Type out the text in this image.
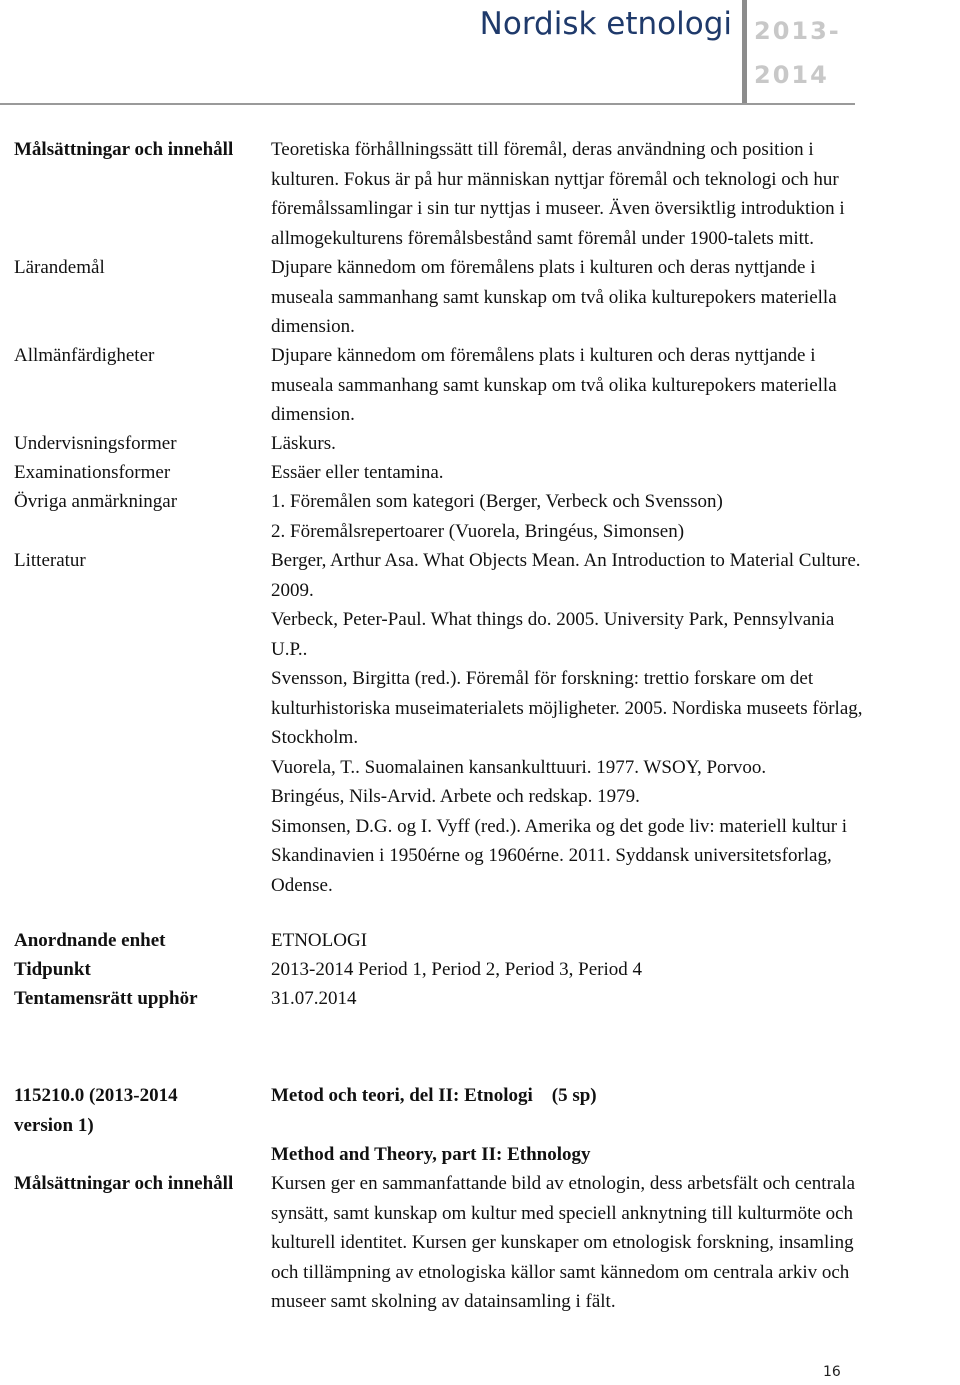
Nordisk etnologi 2013-
2014
Målsättningar och innehåll	Teoretiska förhållningssätt till föremål, deras användning och position i
kulturen. Fokus är på hur människan nyttjar föremål och teknologi och hur
föremålssamlingar i sin tur nyttjas i museer. Även översiktlig introduktion i
allmogekulturens föremålsbestånd samt föremål under 1900-talets mitt.
Lärandemål	Djupare kännedom om föremålens plats i kulturen och deras nyttjande i
museala sammanhang samt kunskap om två olika kulturepokers materiella
dimension.
Allmänfärdigheter	Djupare kännedom om föremålens plats i kulturen och deras nyttjande i
museala sammanhang samt kunskap om två olika kulturepokers materiella
dimension.
Undervisningsformer	Läskurs.
Examinationsformer	Essäer eller tentamina.
Övriga anmärkningar	1. Föremålen som kategori (Berger, Verbeck och Svensson)
2. Föremålsrepertoarer (Vuorela, Bringéus, Simonsen)
Litteratur	Berger, Arthur Asa. What Objects Mean. An Introduction to Material Culture.
2009.
Verbeck, Peter-Paul. What things do. 2005. University Park, Pennsylvania
U.P..
Svensson, Birgitta (red.). Föremål för forskning: trettio forskare om det
kulturhistoriska museimaterialets möjligheter. 2005. Nordiska museets förlag,
Stockholm.
Vuorela, T.. Suomalainen kansankulttuuri. 1977. WSOY, Porvoo.
Bringéus, Nils-Arvid. Arbete och redskap. 1979.
Simonsen, D.G. og I. Vyff (red.). Amerika og det gode liv: materiell kultur i
Skandinavien i 1950érne og 1960érne. 2011. Syddansk universitetsforlag,
Odense.
Anordnande enhet	ETNOLOGI
Tidpunkt	2013-2014 Period 1, Period 2, Period 3, Period 4
Tentamensrätt upphör	31.07.2014
115210.0 (2013-2014
version 1)
Metod och teori, del II: Etnologi    (5 sp)

Method and Theory, part II: Ethnology
Målsättningar och innehåll	Kursen ger en sammanfattande bild av etnologin, dess arbetsfält och centrala
synsätt, samt kunskap om kultur med speciell anknytning till kulturmöte och
kulturell identitet. Kursen ger kunskaper om etnologisk forskning, insamling
och tillämpning av etnologiska källor samt kännedom om centrala arkiv och
museer samt skolning av datainsamling i fält.
16
